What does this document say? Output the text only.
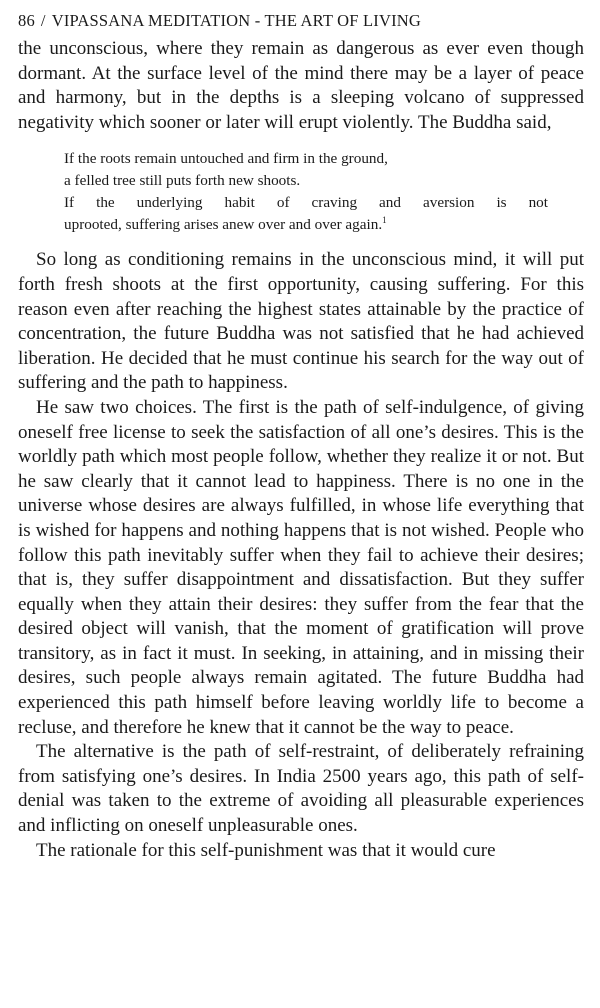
86 / VIPASSANA MEDITATION - THE ART OF LIVING

the unconscious, where they remain as dangerous as ever even though dormant. At the surface level of the mind there may be a layer of peace and harmony, but in the depths is a sleeping volcano of suppressed negativity which sooner or later will erupt violently. The Buddha said,

If the roots remain untouched and firm in the ground,
a felled tree still puts forth new shoots.
If the underlying habit of craving and aversion is not
uprooted, suffering arises anew over and over again.$^1$

So long as conditioning remains in the unconscious mind, it will put forth fresh shoots at the first opportunity, causing suffering. For this reason even after reaching the highest states attainable by the practice of concentration, the future Buddha was not satisfied that he had achieved liberation. He decided that he must continue his search for the way out of suffering and the path to happiness.

He saw two choices. The first is the path of self-indulgence, of giving oneself free license to seek the satisfaction of all one’s desires. This is the worldly path which most people follow, whether they realize it or not. But he saw clearly that it cannot lead to happiness. There is no one in the universe whose desires are always fulfilled, in whose life everything that is wished for happens and nothing happens that is not wished. People who follow this path inevitably suffer when they fail to achieve their desires; that is, they suffer disappointment and dissatisfaction. But they suffer equally when they attain their desires: they suffer from the fear that the desired object will vanish, that the moment of gratification will prove transitory, as in fact it must. In seeking, in attaining, and in missing their desires, such people always remain agitated. The future Buddha had experienced this path himself before leaving worldly life to become a recluse, and therefore he knew that it cannot be the way to peace.

The alternative is the path of self-restraint, of deliberately refraining from satisfying one’s desires. In India 2500 years ago, this path of self-denial was taken to the extreme of avoiding all pleasurable experiences and inflicting on oneself unpleasurable ones.

The rationale for this self-punishment was that it would cure
